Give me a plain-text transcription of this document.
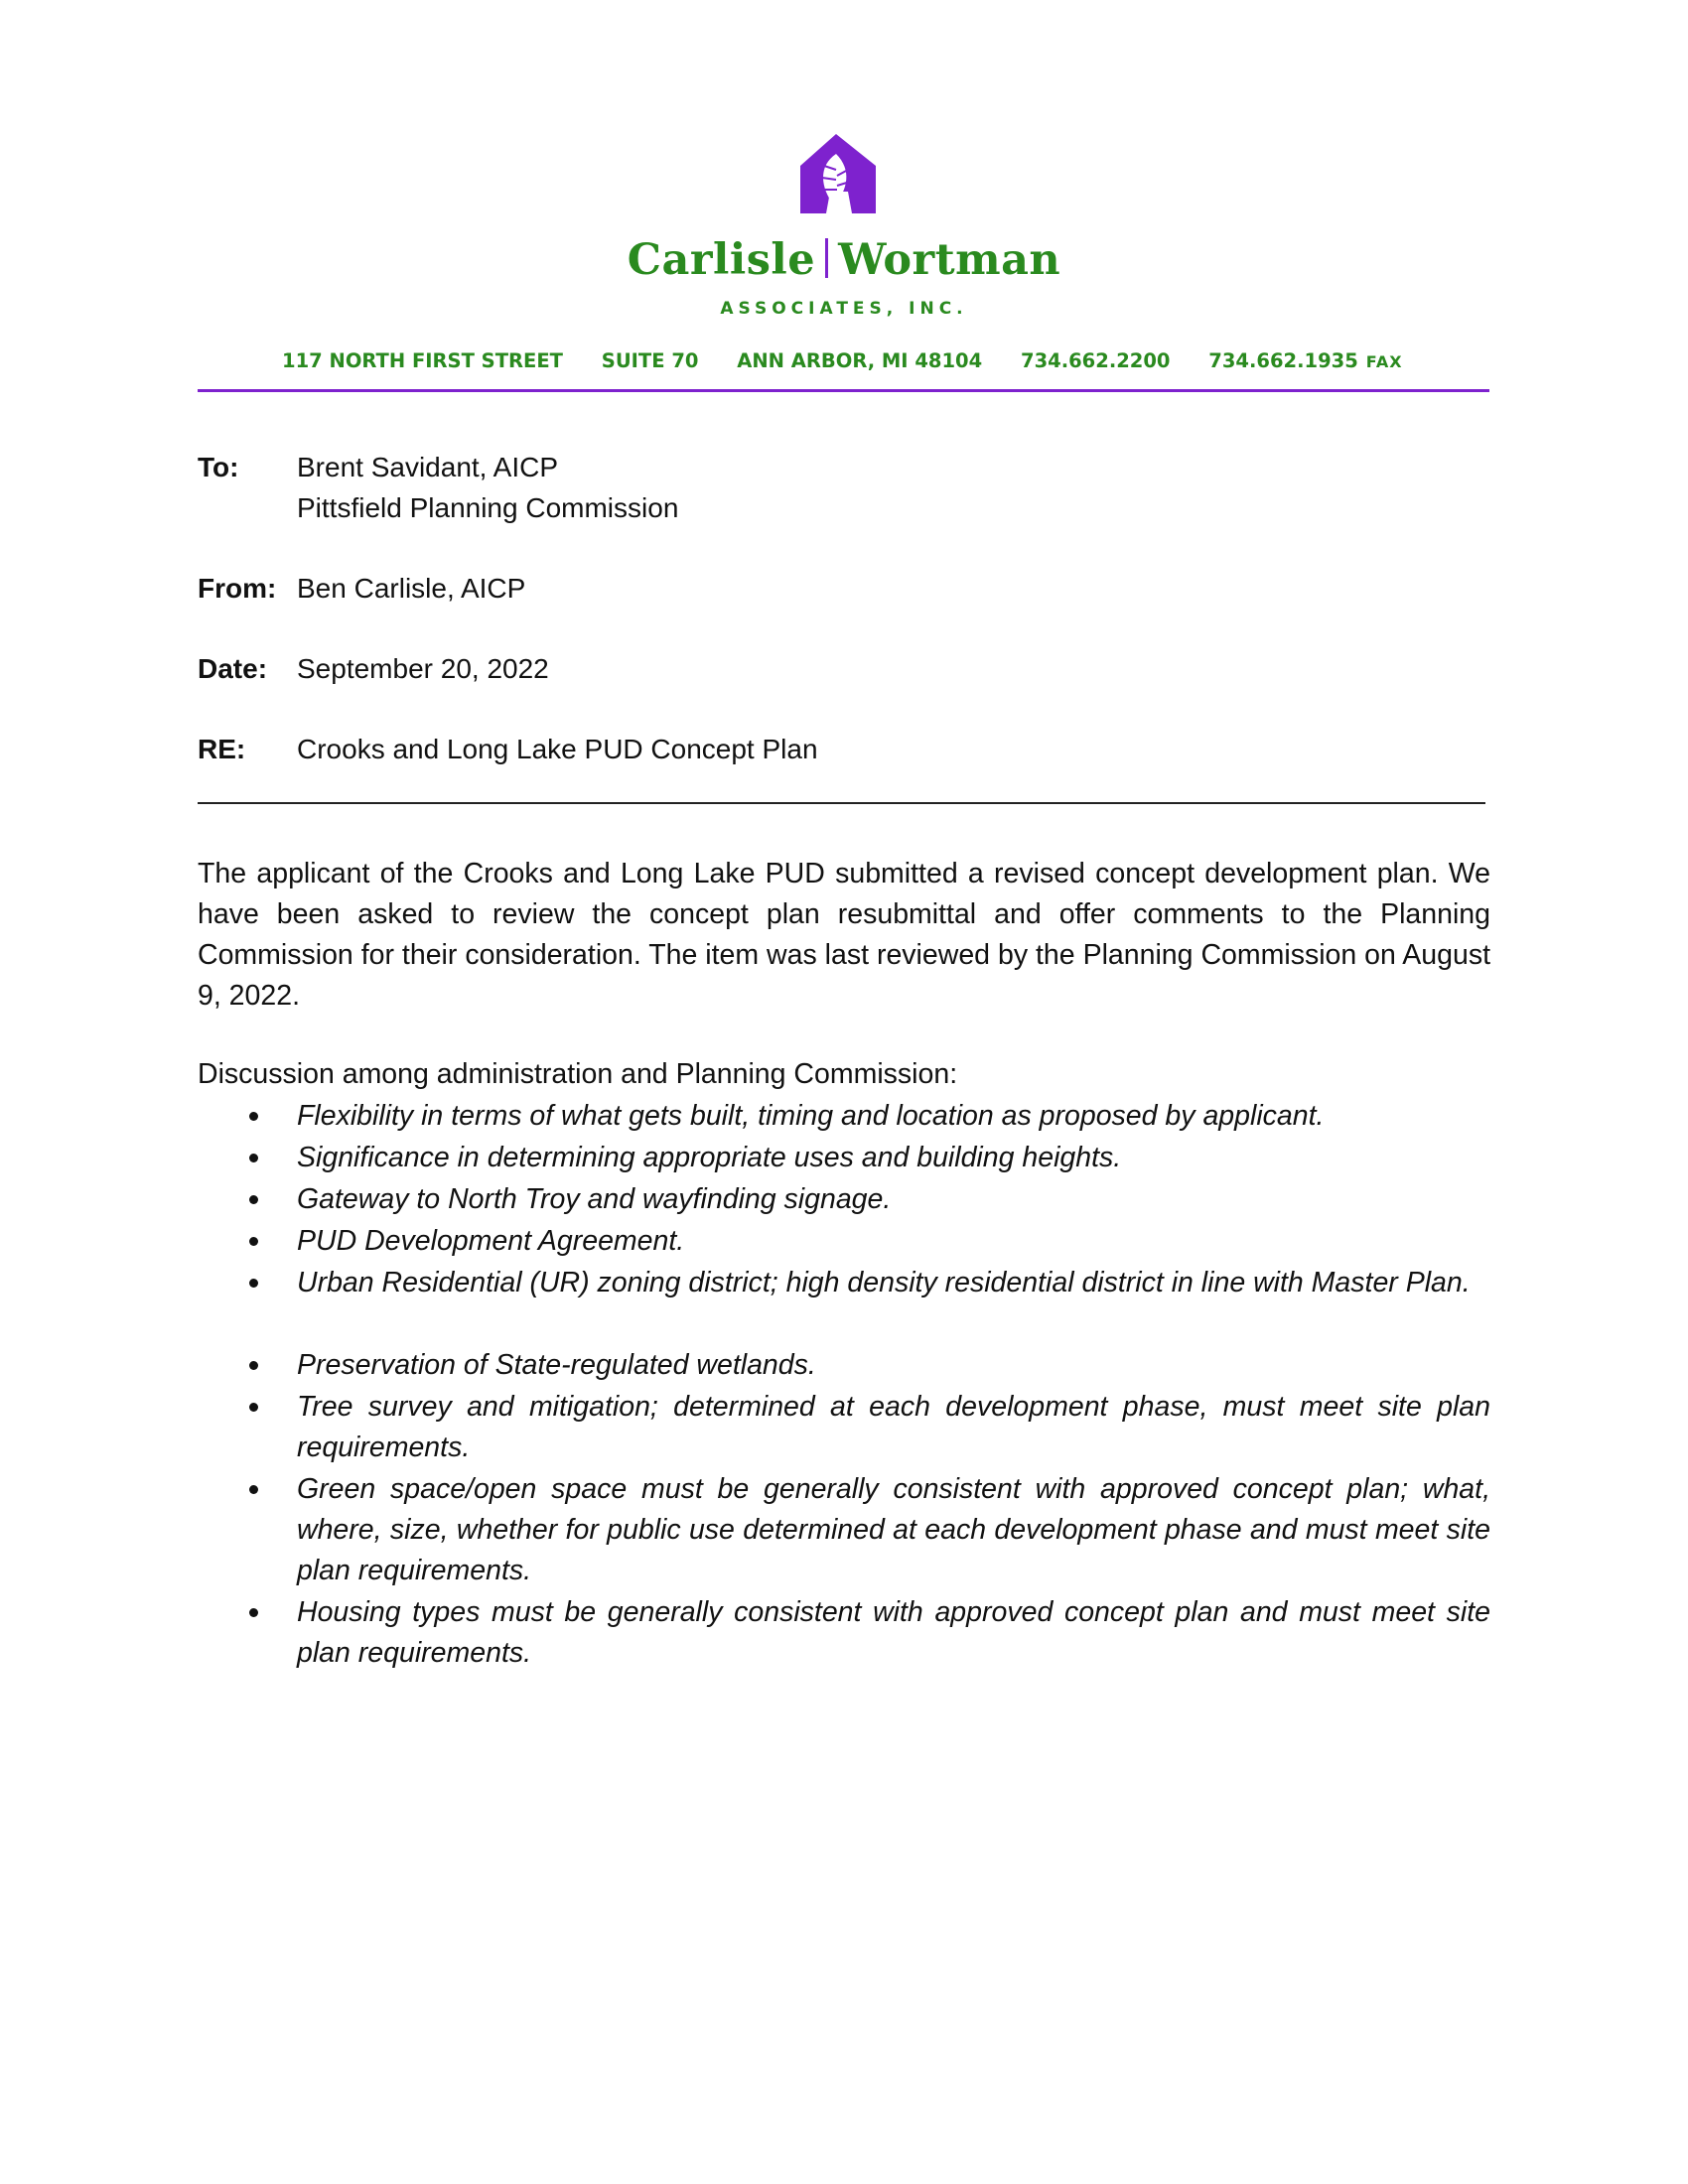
Carlisle Wortman
ASSOCIATES, INC.
117 NORTH FIRST STREET SUITE 70 ANN ARBOR, MI 48104 734.662.2200 734.662.1935 FAX
To: Brent Savidant, AICP
Pittsfield Planning Commission
From: Ben Carlisle, AICP
Date: September 20, 2022
RE: Crooks and Long Lake PUD Concept Plan
The applicant of the Crooks and Long Lake PUD submitted a revised concept development plan. We have been asked to review the concept plan resubmittal and offer comments to the Planning Commission for their consideration. The item was last reviewed by the Planning Commission on August 9, 2022.
Discussion among administration and Planning Commission:
Flexibility in terms of what gets built, timing and location as proposed by applicant.
Significance in determining appropriate uses and building heights.
Gateway to North Troy and wayfinding signage.
PUD Development Agreement.
Urban Residential (UR) zoning district; high density residential district in line with Master Plan.
Preservation of State-regulated wetlands.
Tree survey and mitigation; determined at each development phase, must meet site plan requirements.
Green space/open space must be generally consistent with approved concept plan; what, where, size, whether for public use determined at each development phase and must meet site plan requirements.
Housing types must be generally consistent with approved concept plan and must meet site plan requirements.
